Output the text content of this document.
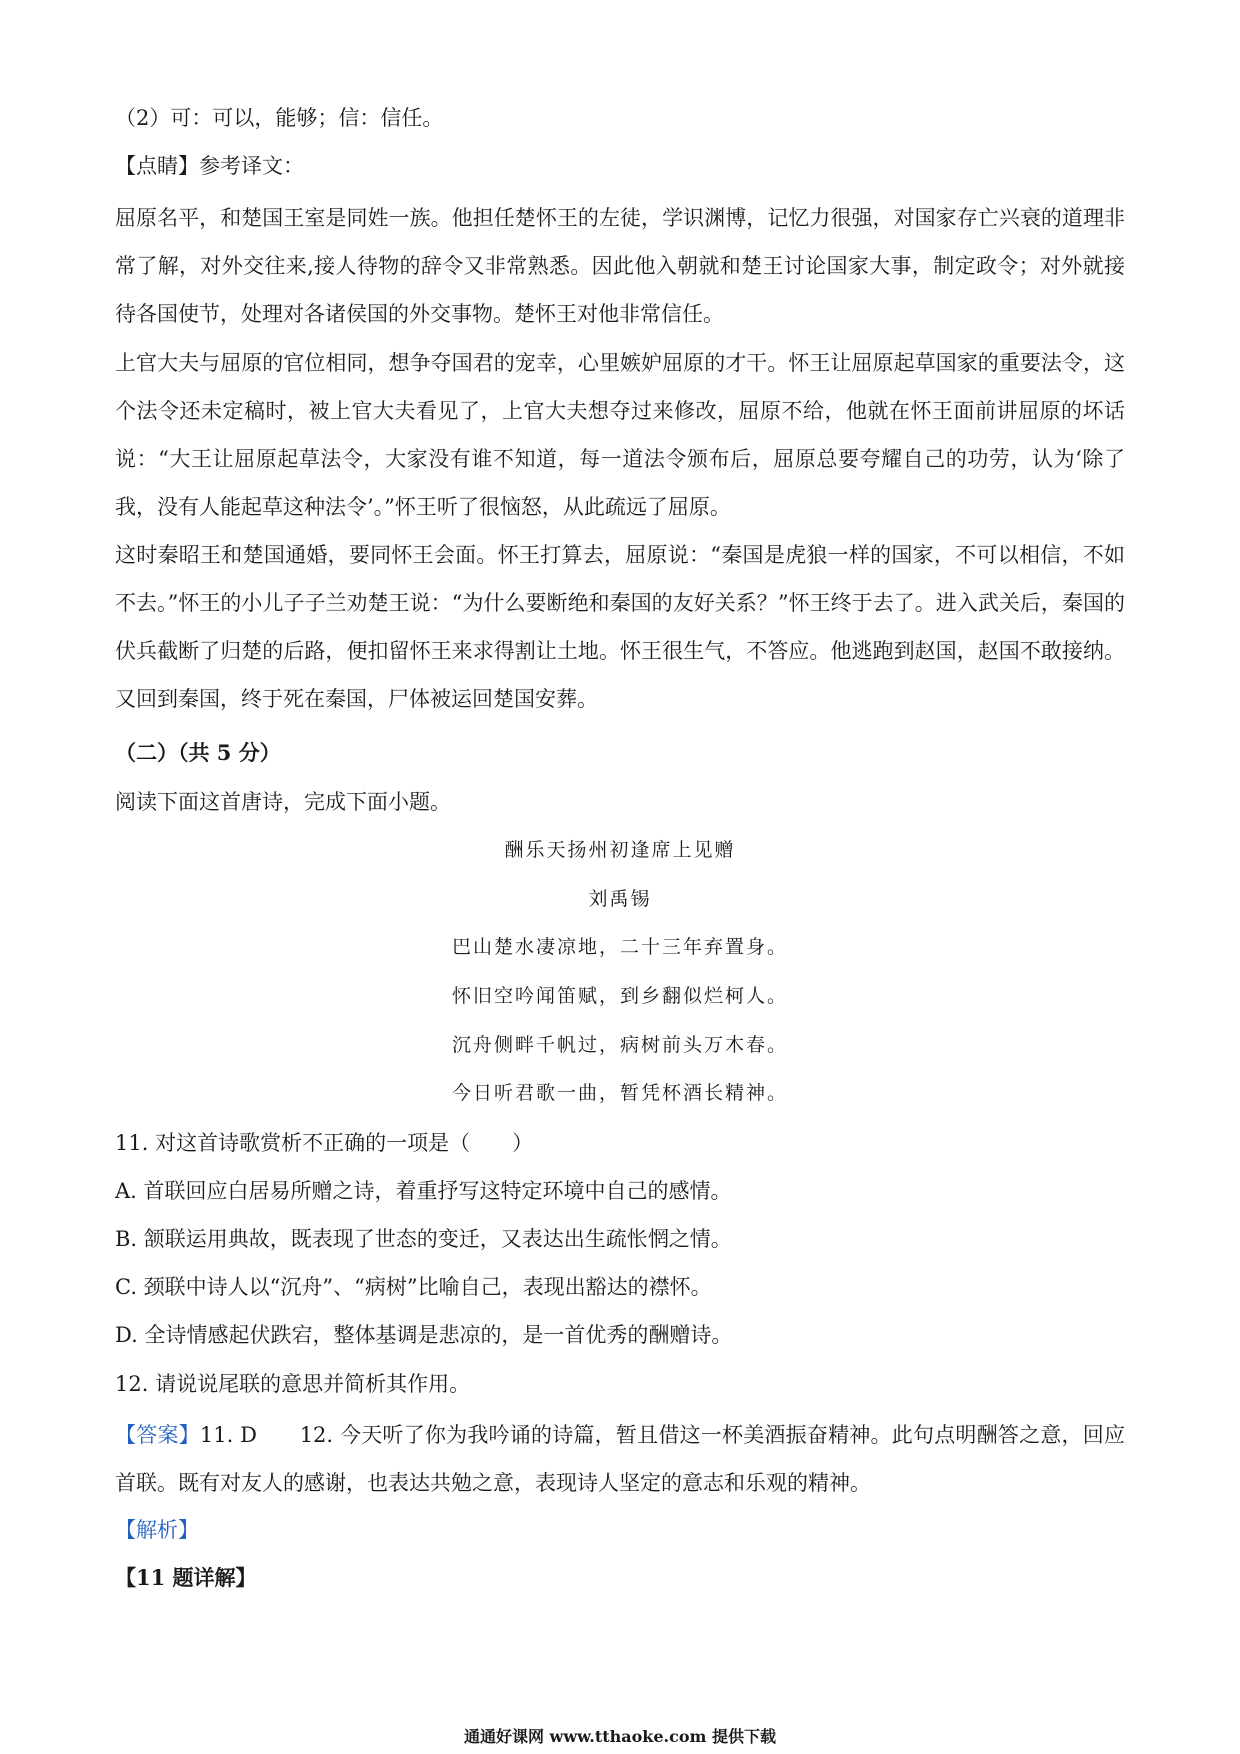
（2）可：可以，能够；信：信任。

【点睛】参考译文：

屈原名平，和楚国王室是同姓一族。他担任楚怀王的左徒，学识渊博，记忆力很强，对国家存亡兴衰的道理非常了解，对外交往来,接人待物的辞令又非常熟悉。因此他入朝就和楚王讨论国家大事，制定政令；对外就接待各国使节，处理对各诸侯国的外交事物。楚怀王对他非常信任。

上官大夫与屈原的官位相同，想争夺国君的宠幸，心里嫉妒屈原的才干。怀王让屈原起草国家的重要法令，这个法令还未定稿时，被上官大夫看见了，上官大夫想夺过来修改，屈原不给，他就在怀王面前讲屈原的坏话说：“大王让屈原起草法令，大家没有谁不知道，每一道法令颁布后，屈原总要夸耀自己的功劳，认为‘除了我，没有人能起草这种法令’。”怀王听了很恼怒，从此疏远了屈原。

这时秦昭王和楚国通婚，要同怀王会面。怀王打算去，屈原说：“秦国是虎狼一样的国家，不可以相信，不如不去。”怀王的小儿子子兰劝楚王说：“为什么要断绝和秦国的友好关系？”怀王终于去了。进入武关后，秦国的伏兵截断了归楚的后路，便扣留怀王来求得割让土地。怀王很生气，不答应。他逃跑到赵国，赵国不敢接纳。又回到秦国，终于死在秦国，尸体被运回楚国安葬。

（二）（共 5 分）

阅读下面这首唐诗，完成下面小题。

酬乐天扬州初逢席上见赠

刘禹锡

巴山楚水凄凉地，二十三年弃置身。

怀旧空吟闻笛赋，到乡翻似烂柯人。

沉舟侧畔千帆过，病树前头万木春。

今日听君歌一曲，暂凭杯酒长精神。

11. 对这首诗歌赏析不正确的一项是（　　）

A. 首联回应白居易所赠之诗，着重抒写这特定环境中自己的感情。

B. 颔联运用典故，既表现了世态的变迁，又表达出生疏怅惘之情。

C. 颈联中诗人以“沉舟”、“病树”比喻自己，表现出豁达的襟怀。

D. 全诗情感起伏跌宕，整体基调是悲凉的，是一首优秀的酬赠诗。

12. 请说说尾联的意思并简析其作用。

【答案】11. D　　12. 今天听了你为我吟诵的诗篇，暂且借这一杯美酒振奋精神。此句点明酬答之意，回应首联。既有对友人的感谢，也表达共勉之意，表现诗人坚定的意志和乐观的精神。

【解析】

【11 题详解】

通通好课网 www.tthaoke.com 提供下载
